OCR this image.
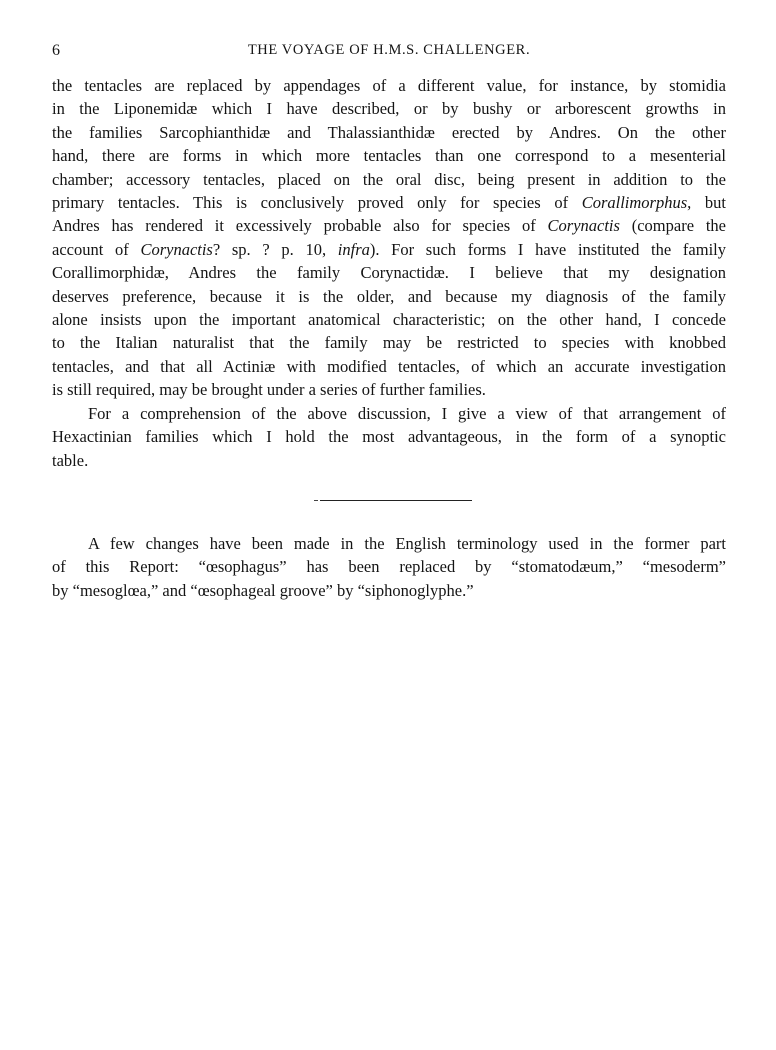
6	THE VOYAGE OF H.M.S. CHALLENGER.

the tentacles are replaced by appendages of a different value, for instance, by stomidia
in the Liponemidæ which I have described, or by bushy or arborescent growths in
the families Sarcophianthidæ and Thalassianthidæ erected by Andres. On the other
hand, there are forms in which more tentacles than one correspond to a mesenterial
chamber; accessory tentacles, placed on the oral disc, being present in addition to the
primary tentacles. This is conclusively proved only for species of Corallimorphus, but
Andres has rendered it excessively probable also for species of Corynactis (compare the
account of Corynactis? sp. ? p. 10, infra). For such forms I have instituted the family
Corallimorphidæ, Andres the family Corynactidæ. I believe that my designation
deserves preference, because it is the older, and because my diagnosis of the family
alone insists upon the important anatomical characteristic; on the other hand, I concede
to the Italian naturalist that the family may be restricted to species with knobbed
tentacles, and that all Actiniæ with modified tentacles, of which an accurate investigation
is still required, may be brought under a series of further families.

For a comprehension of the above discussion, I give a view of that arrangement of
Hexactinian families which I hold the most advantageous, in the form of a synoptic
table.

A few changes have been made in the English terminology used in the former part
of this Report: “œsophagus” has been replaced by “stomatodæum,” “mesoderm”
by “mesoglœa,” and “œsophageal groove” by “siphonoglyphe.”
